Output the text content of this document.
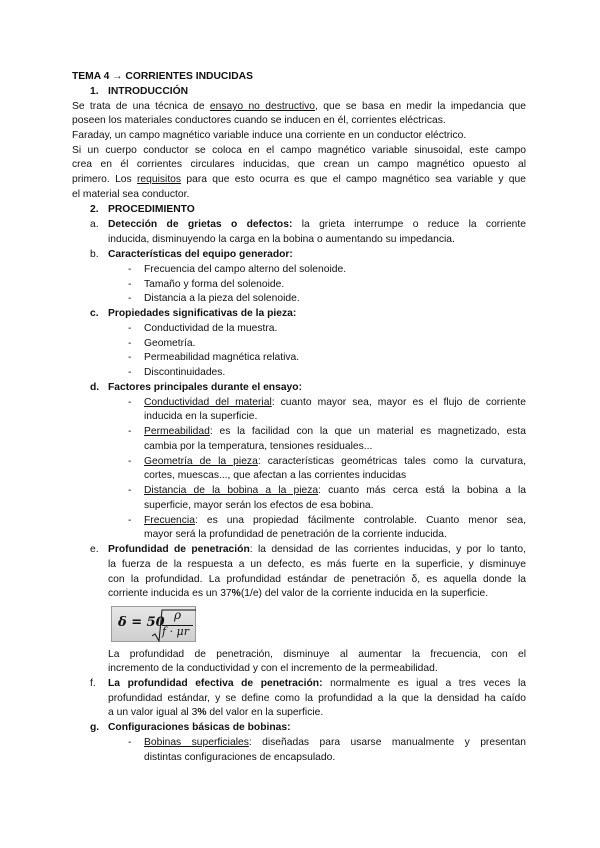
TEMA 4 → CORRIENTES INDUCIDAS
1. INTRODUCCIÓN
Se trata de una técnica de ensayo no destructivo, que se basa en medir la impedancia que
poseen los materiales conductores cuando se inducen en él, corrientes eléctricas.
Faraday, un campo magnético variable induce una corriente en un conductor eléctrico.
Si un cuerpo conductor se coloca en el campo magnético variable sinusoidal, este campo
crea en él corrientes circulares inducidas, que crean un campo magnético opuesto al
primero. Los requisitos para que esto ocurra es que el campo magnético sea variable y que
el material sea conductor.
2. PROCEDIMIENTO
a. Detección de grietas o defectos: la grieta interrumpe o reduce la corriente
inducida, disminuyendo la carga en la bobina o aumentando su impedancia.
b. Características del equipo generador:
- Frecuencia del campo alterno del solenoide.
- Tamaño y forma del solenoide.
- Distancia a la pieza del solenoide.
c. Propiedades significativas de la pieza:
- Conductividad de la muestra.
- Geometría.
- Permeabilidad magnética relativa.
- Discontinuidades.
d. Factores principales durante el ensayo:
- Conductividad del material: cuanto mayor sea, mayor es el flujo de corriente
inducida en la superficie.
- Permeabilidad: es la facilidad con la que un material es magnetizado, esta
cambia por la temperatura, tensiones residuales...
- Geometría de la pieza: características geométricas tales como la curvatura,
cortes, muescas..., que afectan a las corrientes inducidas
- Distancia de la bobina a la pieza: cuanto más cerca está la bobina a la
superficie, mayor serán los efectos de esa bobina.
- Frecuencia: es una propiedad fácilmente controlable. Cuanto menor sea,
mayor será la profundidad de penetración de la corriente inducida.
e. Profundidad de penetración: la densidad de las corrientes inducidas, y por lo tanto,
la fuerza de la respuesta a un defecto, es más fuerte en la superficie, y disminuye
con la profundidad. La profundidad estándar de penetración δ, es aquella donde la
corriente inducida es un 37%(1/e) del valor de la corriente inducida en la superficie.
δ = 50 ρ
f · μr
La profundidad de penetración, disminuye al aumentar la frecuencia, con el
incremento de la conductividad y con el incremento de la permeabilidad.
f. La profundidad efectiva de penetración: normalmente es igual a tres veces la
profundidad estándar, y se define como la profundidad a la que la densidad ha caído
a un valor igual al 3% del valor en la superficie.
g. Configuraciones básicas de bobinas:
- Bobinas superficiales: diseñadas para usarse manualmente y presentan
distintas configuraciones de encapsulado.
